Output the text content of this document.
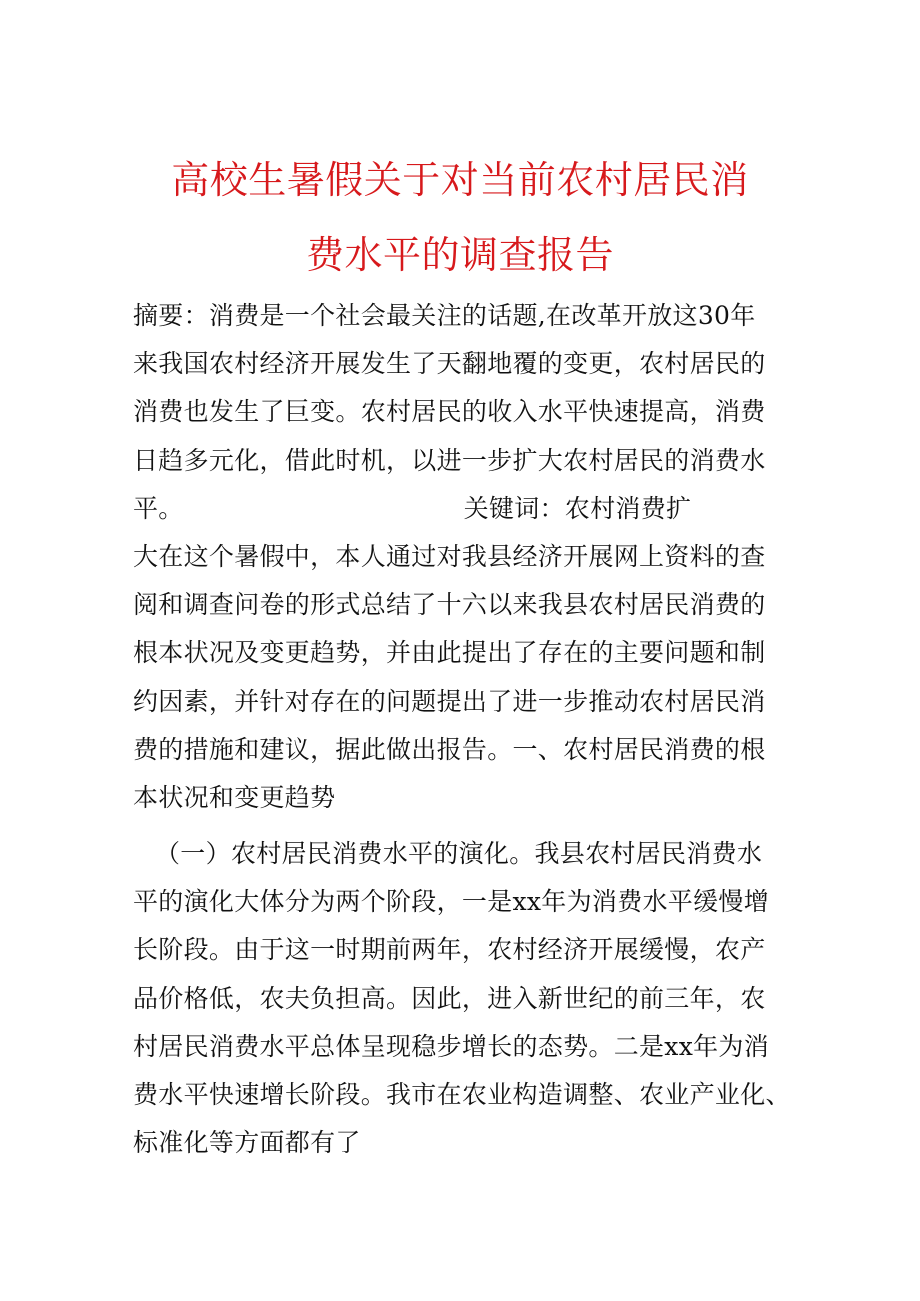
高校生暑假关于对当前农村居民消
费水平的调查报告
摘要：消费是一个社会最关注的话题,在改革开放这30年
来我国农村经济开展发生了天翻地覆的变更，农村居民的
消费也发生了巨变。农村居民的收入水平快速提高，消费
日趋多元化，借此时机，以进一步扩大农村居民的消费水
平。	关键词：农村消费扩
大在这个暑假中，本人通过对我县经济开展网上资料的查
阅和调查问卷的形式总结了十六以来我县农村居民消费的
根本状况及变更趋势，并由此提出了存在的主要问题和制
约因素，并针对存在的问题提出了进一步推动农村居民消
费的措施和建议，据此做出报告。一、农村居民消费的根
本状况和变更趋势
（一）农村居民消费水平的演化。我县农村居民消费水
平的演化大体分为两个阶段，一是xx年为消费水平缓慢增
长阶段。由于这一时期前两年，农村经济开展缓慢，农产
品价格低，农夫负担高。因此，进入新世纪的前三年，农
村居民消费水平总体呈现稳步增长的态势。二是xx年为消
费水平快速增长阶段。我市在农业构造调整、农业产业化、
标准化等方面都有了
